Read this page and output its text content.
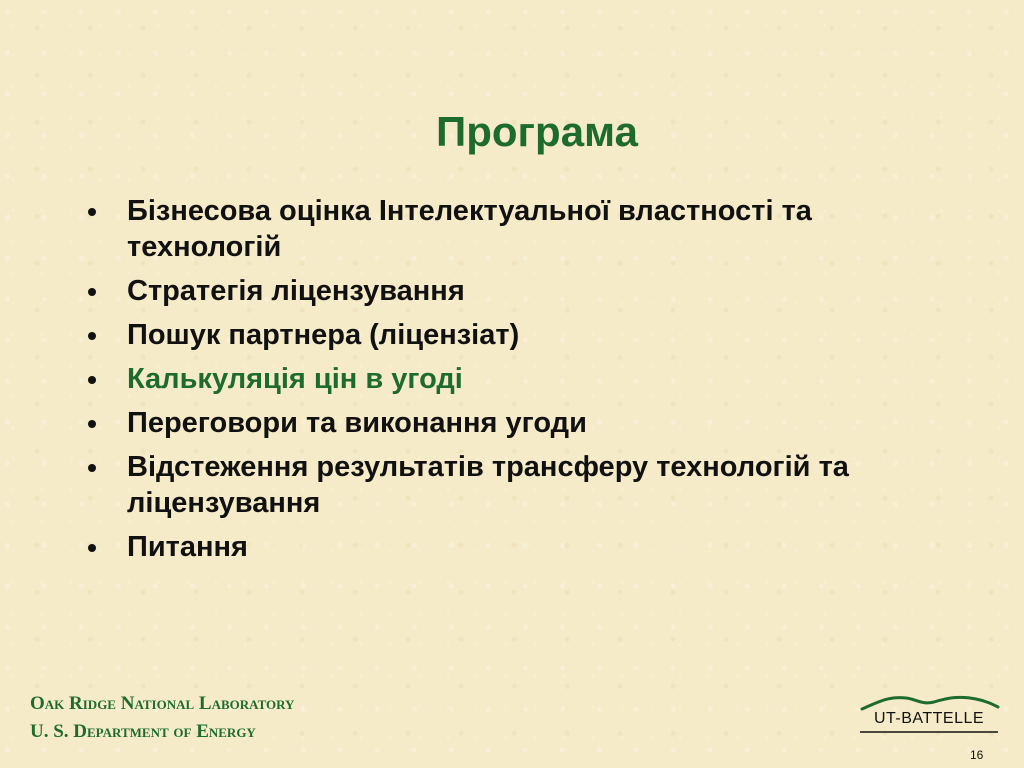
Програма
Бізнесова оцінка Інтелектуальної властності та технологій
Стратегія ліцензування
Пошук партнера (ліцензіат)
Калькуляція цін в угоді
Переговори та виконання угоди
Відстеження результатів трансферу технологій та ліцензування
Питання
Oak Ridge National Laboratory
U. S. Department of Energy
UT-BATTELLE
16
